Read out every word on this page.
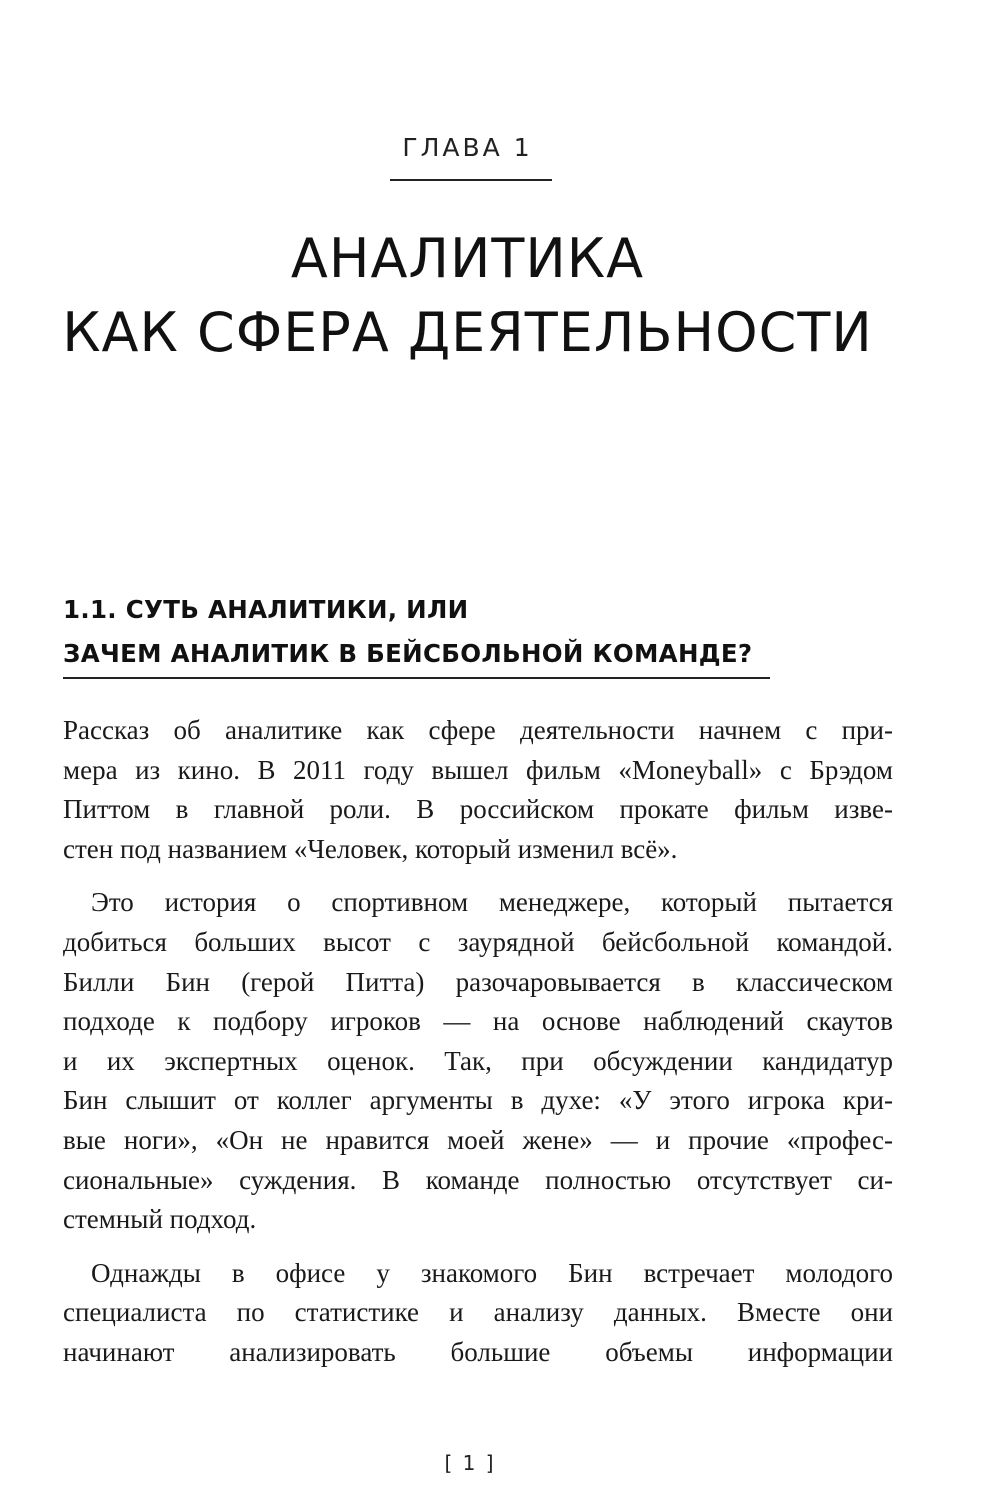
ГЛАВА 1
АНАЛИТИКА
КАК СФЕРА ДЕЯТЕЛЬНОСТИ
1.1. СУТЬ АНАЛИТИКИ, ИЛИ
ЗАЧЕМ АНАЛИТИК В БЕЙСБОЛЬНОЙ КОМАНДЕ?

Рассказ об аналитике как сфере деятельности начнем с при-
мера из кино. В 2011 году вышел фильм «Moneyball» с Брэдом
Питтом в главной роли. В российском прокате фильм изве-
стен под названием «Человек, который изменил всё».

Это история о спортивном менеджере, который пытается
добиться больших высот с заурядной бейсбольной командой.
Билли Бин (герой Питта) разочаровывается в классическом
подходе к подбору игроков — на основе наблюдений скаутов
и их экспертных оценок. Так, при обсуждении кандидатур
Бин слышит от коллег аргументы в духе: «У этого игрока кри-
вые ноги», «Он не нравится моей жене» — и прочие «профес-
сиональные» суждения. В команде полностью отсутствует си-
стемный подход.

Однажды в офисе у знакомого Бин встречает молодого
специалиста по статистике и анализу данных. Вместе они
начинают анализировать большие объемы информации

[ 1 ]
